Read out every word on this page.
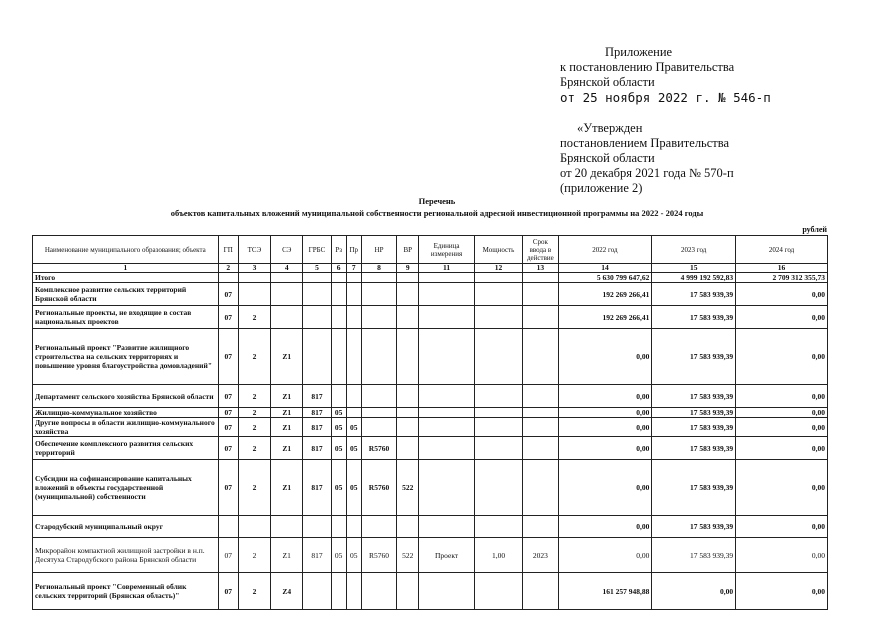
Приложение
к постановлению Правительства
Брянской области
от 25 ноября 2022 г. № 546-п
«Утвержден
постановлением Правительства
Брянской области
от 20 декабря 2021 года № 570-п
(приложение 2)
Перечень
объектов капитальных вложений муниципальной собственности региональной адресной инвестиционной программы на 2022 - 2024 годы
рублей
Наименование муниципального образования; объекта	ГП	ТСЭ	СЭ	ГРБС	Рз	Пр	НР	ВР	Единица измерения	Мощность	Срок ввода в действие	2022 год	2023 год	2024 год
1	2	3	4	5	6	7	8	9	11	12	13	14	15	16
Итого												5 630 799 647,62	4 999 192 592,83	2 709 312 355,73
Комплексное развитие сельских территорий Брянской области	07											192 269 266,41	17 583 939,39	0,00
Региональные проекты, не входящие в состав национальных проектов	07	2										192 269 266,41	17 583 939,39	0,00
Региональный проект "Развитие жилищного строительства на сельских территориях и повышение уровня благоустройства домовладений"	07	2	Z1									0,00	17 583 939,39	0,00
Департамент сельского хозяйства Брянской области	07	2	Z1	817								0,00	17 583 939,39	0,00
Жилищно-коммунальное хозяйство	07	2	Z1	817	05							0,00	17 583 939,39	0,00
Другие вопросы в области жилищно-коммунального хозяйства	07	2	Z1	817	05	05						0,00	17 583 939,39	0,00
Обеспечение комплексного развития сельских территорий	07	2	Z1	817	05	05	R5760					0,00	17 583 939,39	0,00
Субсидии на софинансирование капитальных вложений в объекты государственной (муниципальной) собственности	07	2	Z1	817	05	05	R5760	522				0,00	17 583 939,39	0,00
Стародубский муниципальный округ												0,00	17 583 939,39	0,00
Микрорайон компактной жилищной застройки в н.п. Десятуха Стародубского района Брянской области	07	2	Z1	817	05	05	R5760	522	Проект	1,00	2023	0,00	17 583 939,39	0,00
Региональный проект "Современный облик сельских территорий (Брянская область)"	07	2	Z4									161 257 948,88	0,00	0,00
